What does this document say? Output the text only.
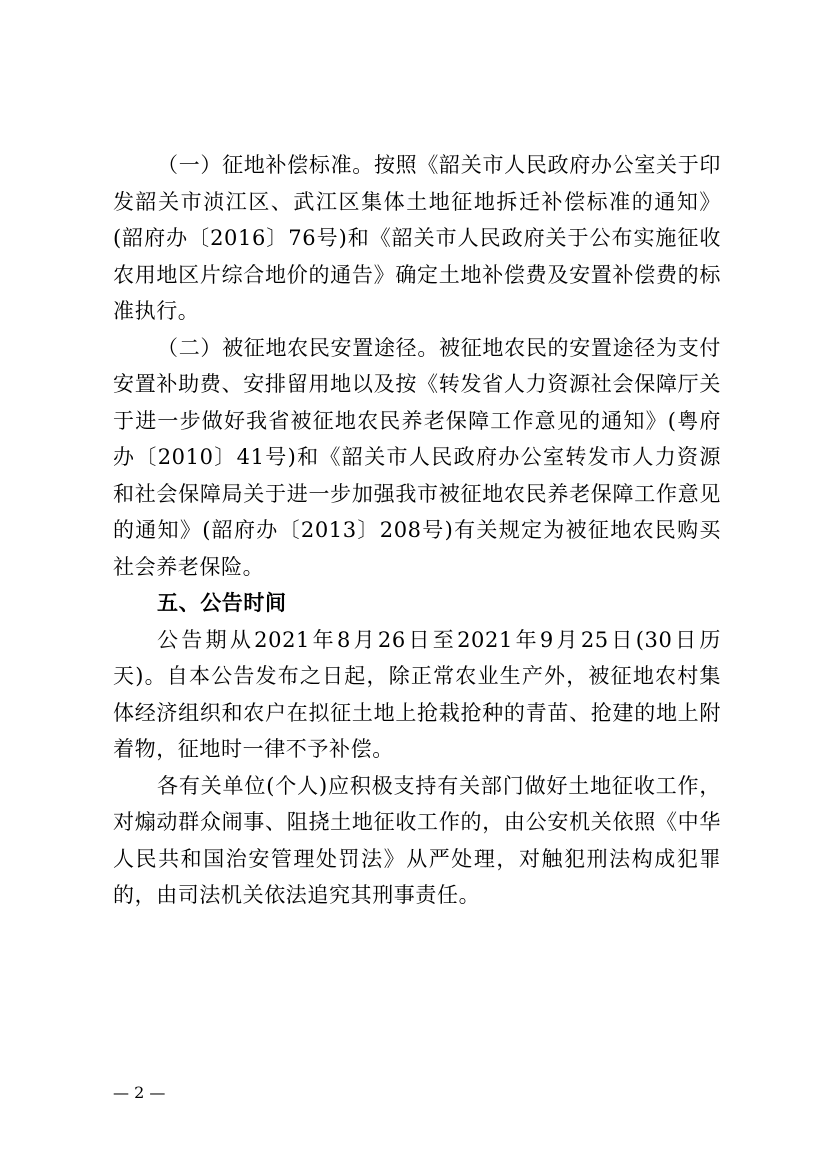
（一）征地补偿标准。按照《韶关市人民政府办公室关于印发韶关市浈江区、武江区集体土地征地拆迁补偿标准的通知》(韶府办〔2016〕76号)和《韶关市人民政府关于公布实施征收农用地区片综合地价的通告》确定土地补偿费及安置补偿费的标准执行。

（二）被征地农民安置途径。被征地农民的安置途径为支付安置补助费、安排留用地以及按《转发省人力资源社会保障厅关于进一步做好我省被征地农民养老保障工作意见的通知》(粤府办〔2010〕41号)和《韶关市人民政府办公室转发市人力资源和社会保障局关于进一步加强我市被征地农民养老保障工作意见的通知》(韶府办〔2013〕208号)有关规定为被征地农民购买社会养老保险。

五、公告时间

公告期从2021年8月26日至2021年9月25日(30日历天)。自本公告发布之日起，除正常农业生产外，被征地农村集体经济组织和农户在拟征土地上抢栽抢种的青苗、抢建的地上附着物，征地时一律不予补偿。

各有关单位(个人)应积极支持有关部门做好土地征收工作，对煽动群众闹事、阻挠土地征收工作的，由公安机关依照《中华人民共和国治安管理处罚法》从严处理，对触犯刑法构成犯罪的，由司法机关依法追究其刑事责任。

— 2 —
